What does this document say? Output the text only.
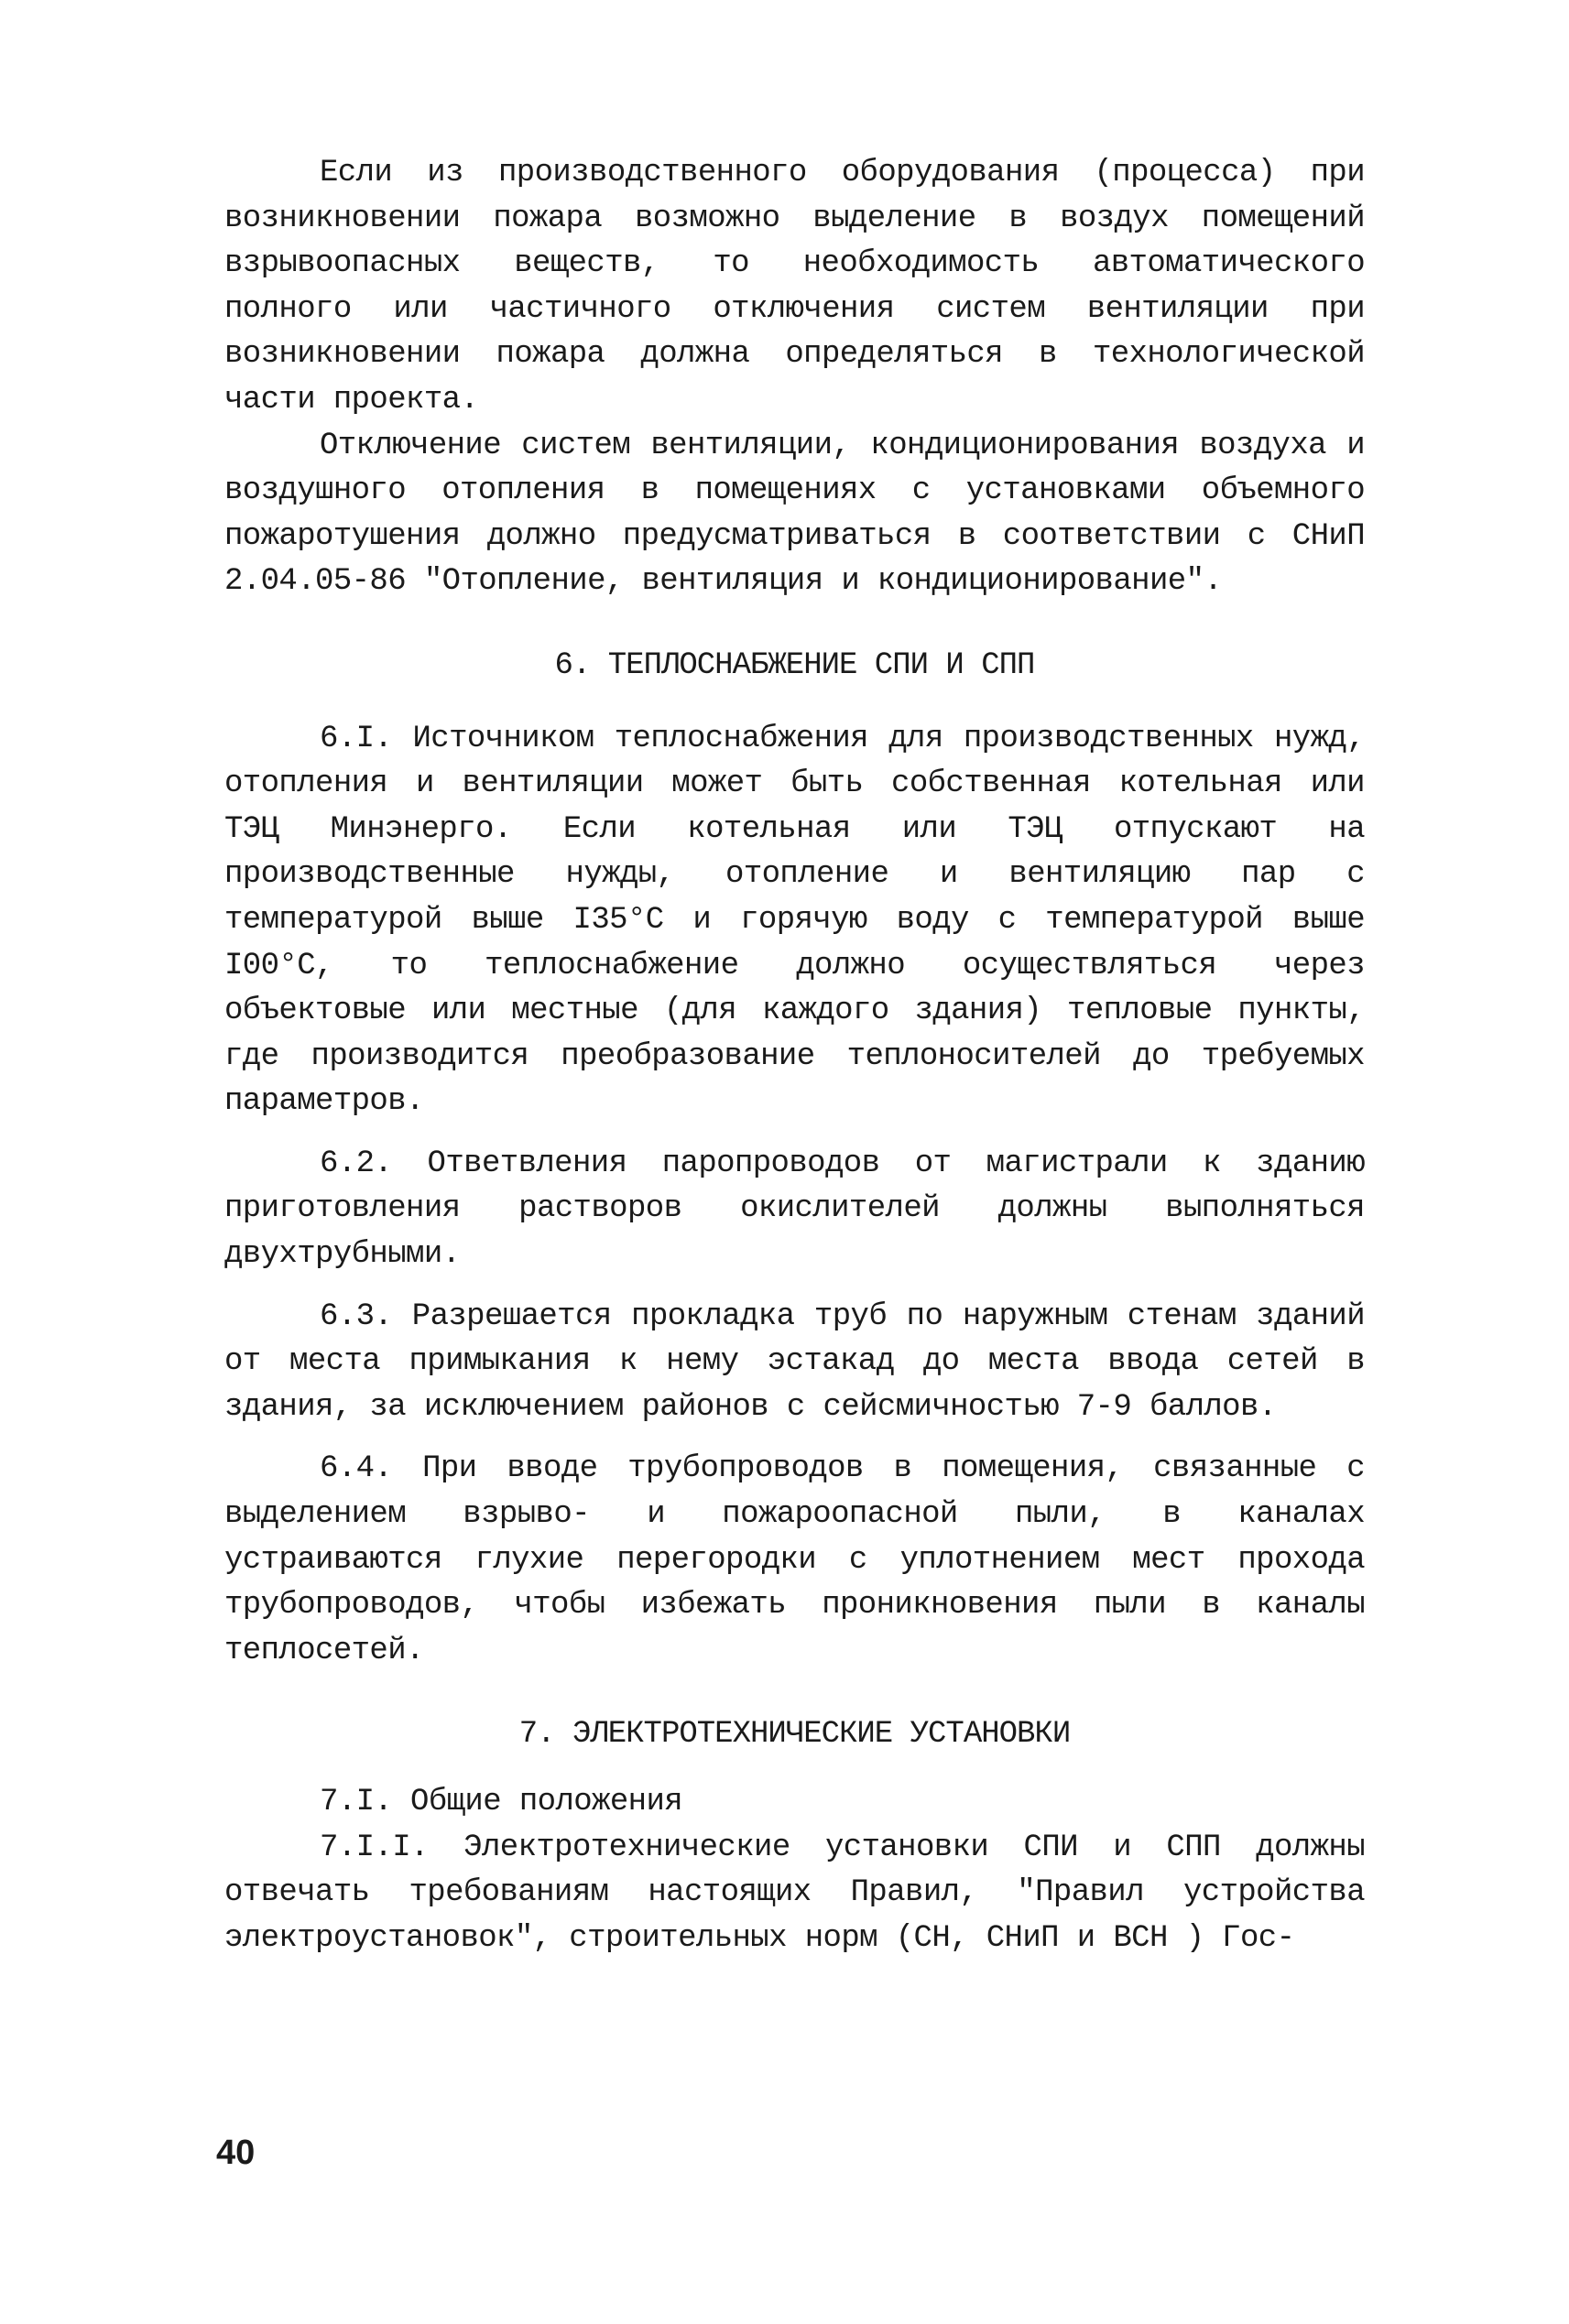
Если из производственного оборудования (процесса) при возникновении пожара возможно выделение в воздух помещений взрывоопасных веществ, то необходимость автоматического полного или частичного отключения систем вентиляции при возникновении пожара должна определяться в технологической части проекта.

Отключение систем вентиляции, кондиционирования воздуха и воздушного отопления в помещениях с установками объемного пожаротушения должно предусматриваться в соответствии с СНиП 2.04.05-86 "Отопление, вентиляция и кондиционирование".

6. ТЕПЛОСНАБЖЕНИЕ СПИ И СПП

6.I. Источником теплоснабжения для производственных нужд, отопления и вентиляции может быть собственная котельная или ТЭЦ Минэнерго. Если котельная или ТЭЦ отпускают на производственные нужды, отопление и вентиляцию пар с температурой выше I35°С и горячую воду с температурой выше I00°С, то теплоснабжение должно осуществляться через объектовые или местные (для каждого здания) тепловые пункты, где производится преобразование теплоносителей до требуемых параметров.

6.2. Ответвления паропроводов от магистрали к зданию приготовления растворов окислителей должны выполняться двухтрубными.

6.3. Разрешается прокладка труб по наружным стенам зданий от места примыкания к нему эстакад до места ввода сетей в здания, за исключением районов с сейсмичностью 7-9 баллов.

6.4. При вводе трубопроводов в помещения, связанные с выделением взрыво- и пожароопасной пыли, в каналах устраиваются глухие перегородки с уплотнением мест прохода трубопроводов, чтобы избежать проникновения пыли в каналы теплосетей.

7. ЭЛЕКТРОТЕХНИЧЕСКИЕ УСТАНОВКИ

7.I. Общие положения

7.I.I. Электротехнические установки СПИ и СПП должны отвечать требованиям настоящих Правил, "Правил устройства электроустановок", строительных норм (СН, СНиП и ВСН ) Гос-

40
